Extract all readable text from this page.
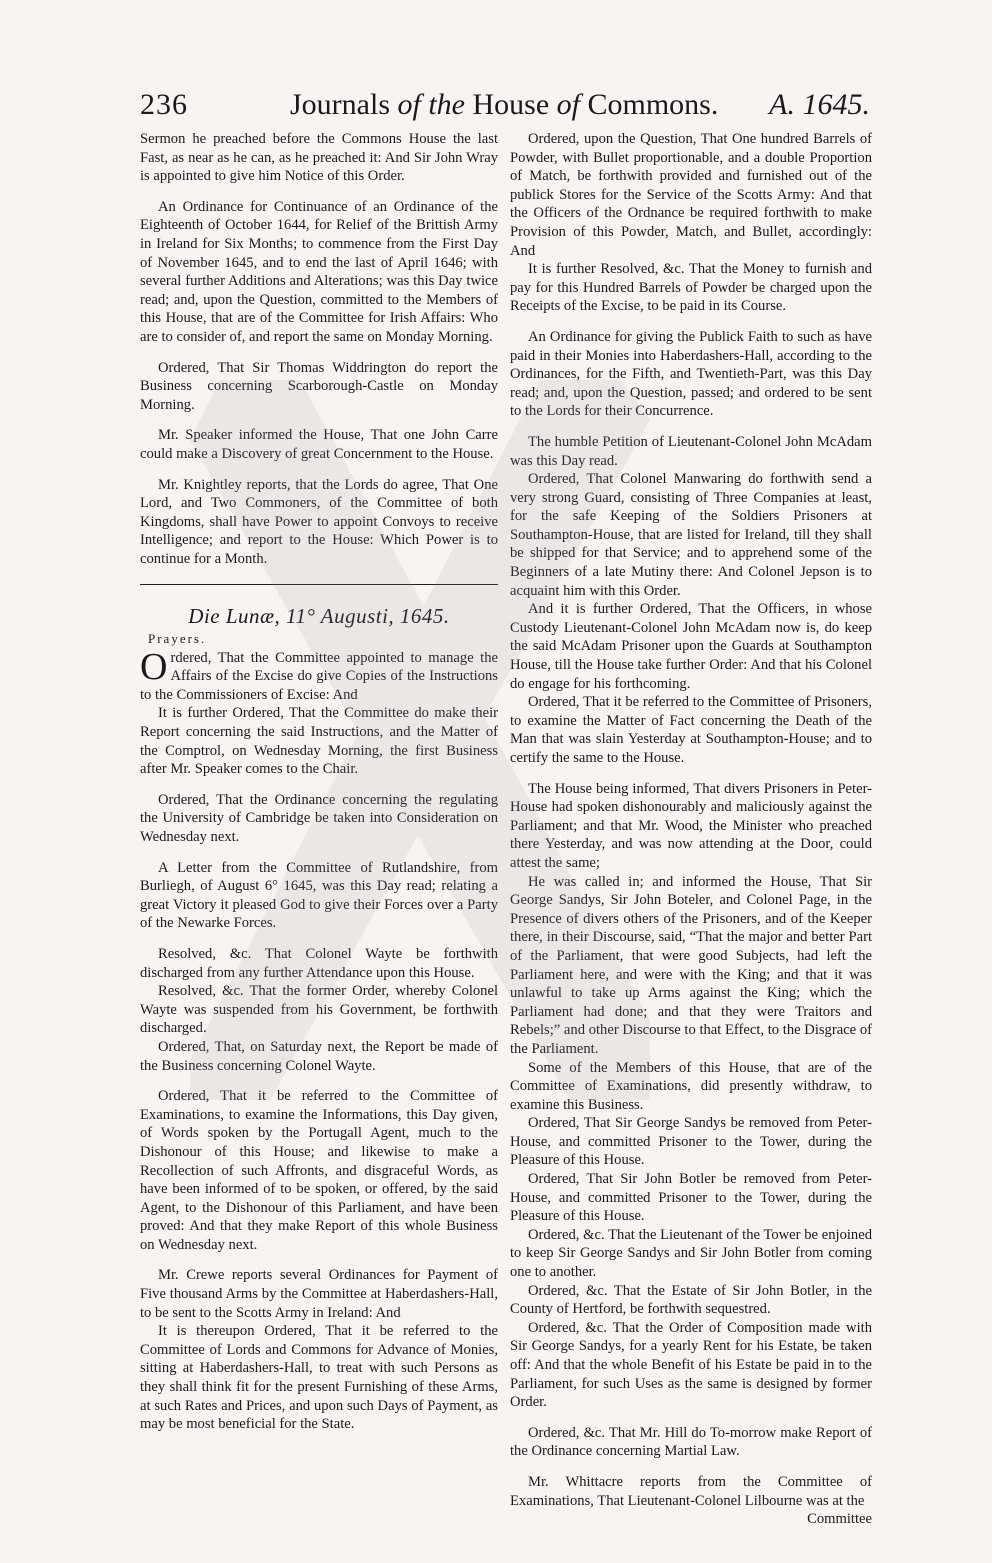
236	Journals of the House of Commons. A. 1645.

Sermon he preached before the Commons House the last Fast, as near as he can, as he preached it: And Sir John Wray is appointed to give him Notice of this Order.

An Ordinance for Continuance of an Ordinance of the Eighteenth of October 1644, for Relief of the Brittish Army in Ireland for Six Months; to commence from the First Day of November 1645, and to end the last of April 1646; with several further Additions and Alterations; was this Day twice read; and, upon the Question, committed to the Members of this House, that are of the Committee for Irish Affairs: Who are to consider of, and report the same on Monday Morning.

Ordered, That Sir Thomas Widdrington do report the Business concerning Scarborough-Castle on Monday Morning.

Mr. Speaker informed the House, That one John Carre could make a Discovery of great Concernment to the House.

Mr. Knightley reports, that the Lords do agree, That One Lord, and Two Commoners, of the Committee of both Kingdoms, shall have Power to appoint Convoys to receive Intelligence; and report to the House: Which Power is to continue for a Month.

Die Lunæ, 11° Augusti, 1645.
Prayers.

Ordered, That the Committee appointed to manage the Affairs of the Excise do give Copies of the Instructions to the Commissioners of Excise: And

It is further Ordered, That the Committee do make their Report concerning the said Instructions, and the Matter of the Comptrol, on Wednesday Morning, the first Business after Mr. Speaker comes to the Chair.

Ordered, That the Ordinance concerning the regulating the University of Cambridge be taken into Consideration on Wednesday next.

A Letter from the Committee of Rutlandshire, from Burliegh, of August 6° 1645, was this Day read; relating a great Victory it pleased God to give their Forces over a Party of the Newarke Forces.

Resolved, &c. That Colonel Wayte be forthwith discharged from any further Attendance upon this House.

Resolved, &c. That the former Order, whereby Colonel Wayte was suspended from his Government, be forthwith discharged.

Ordered, That, on Saturday next, the Report be made of the Business concerning Colonel Wayte.

Ordered, That it be referred to the Committee of Examinations, to examine the Informations, this Day given, of Words spoken by the Portugall Agent, much to the Dishonour of this House; and likewise to make a Recollection of such Affronts, and disgraceful Words, as have been informed of to be spoken, or offered, by the said Agent, to the Dishonour of this Parliament, and have been proved: And that they make Report of this whole Business on Wednesday next.

Mr. Crewe reports several Ordinances for Payment of Five thousand Arms by the Committee at Haberdashers-Hall, to be sent to the Scotts Army in Ireland: And

It is thereupon Ordered, That it be referred to the Committee of Lords and Commons for Advance of Monies, sitting at Haberdashers-Hall, to treat with such Persons as they shall think fit for the present Furnishing of these Arms, at such Rates and Prices, and upon such Days of Payment, as may be most beneficial for the State.

Ordered, upon the Question, That One hundred Barrels of Powder, with Bullet proportionable, and a double Proportion of Match, be forthwith provided and furnished out of the publick Stores for the Service of the Scotts Army: And that the Officers of the Ordnance be required forthwith to make Provision of this Powder, Match, and Bullet, accordingly: And

It is further Resolved, &c. That the Money to furnish and pay for this Hundred Barrels of Powder be charged upon the Receipts of the Excise, to be paid in its Course.

An Ordinance for giving the Publick Faith to such as have paid in their Monies into Haberdashers-Hall, according to the Ordinances, for the Fifth, and Twentieth-Part, was this Day read; and, upon the Question, passed; and ordered to be sent to the Lords for their Concurrence.

The humble Petition of Lieutenant-Colonel John McAdam was this Day read.

Ordered, That Colonel Manwaring do forthwith send a very strong Guard, consisting of Three Companies at least, for the safe Keeping of the Soldiers Prisoners at Southampton-House, that are listed for Ireland, till they shall be shipped for that Service; and to apprehend some of the Beginners of a late Mutiny there: And Colonel Jepson is to acquaint him with this Order.

And it is further Ordered, That the Officers, in whose Custody Lieutenant-Colonel John McAdam now is, do keep the said McAdam Prisoner upon the Guards at Southampton House, till the House take further Order: And that his Colonel do engage for his forthcoming.

Ordered, That it be referred to the Committee of Prisoners, to examine the Matter of Fact concerning the Death of the Man that was slain Yesterday at Southampton-House; and to certify the same to the House.

The House being informed, That divers Prisoners in Peter-House had spoken dishonourably and maliciously against the Parliament; and that Mr. Wood, the Minister who preached there Yesterday, and was now attending at the Door, could attest the same;

He was called in; and informed the House, That Sir George Sandys, Sir John Boteler, and Colonel Page, in the Presence of divers others of the Prisoners, and of the Keeper there, in their Discourse, said, “That the major and better Part of the Parliament, that were good Subjects, had left the Parliament here, and were with the King; and that it was unlawful to take up Arms against the King; which the Parliament had done; and that they were Traitors and Rebels;” and other Discourse to that Effect, to the Disgrace of the Parliament.

Some of the Members of this House, that are of the Committee of Examinations, did presently withdraw, to examine this Business.

Ordered, That Sir George Sandys be removed from Peter-House, and committed Prisoner to the Tower, during the Pleasure of this House.

Ordered, That Sir John Botler be removed from Peter-House, and committed Prisoner to the Tower, during the Pleasure of this House.

Ordered, &c. That the Lieutenant of the Tower be enjoined to keep Sir George Sandys and Sir John Botler from coming one to another.

Ordered, &c. That the Estate of Sir John Botler, in the County of Hertford, be forthwith sequestred.

Ordered, &c. That the Order of Composition made with Sir George Sandys, for a yearly Rent for his Estate, be taken off: And that the whole Benefit of his Estate be paid in to the Parliament, for such Uses as the same is designed by former Order.

Ordered, &c. That Mr. Hill do To-morrow make Report of the Ordinance concerning Martial Law.

Mr. Whittacre reports from the Committee of Examinations, That Lieutenant-Colonel Lilbourne was at the

Committee
